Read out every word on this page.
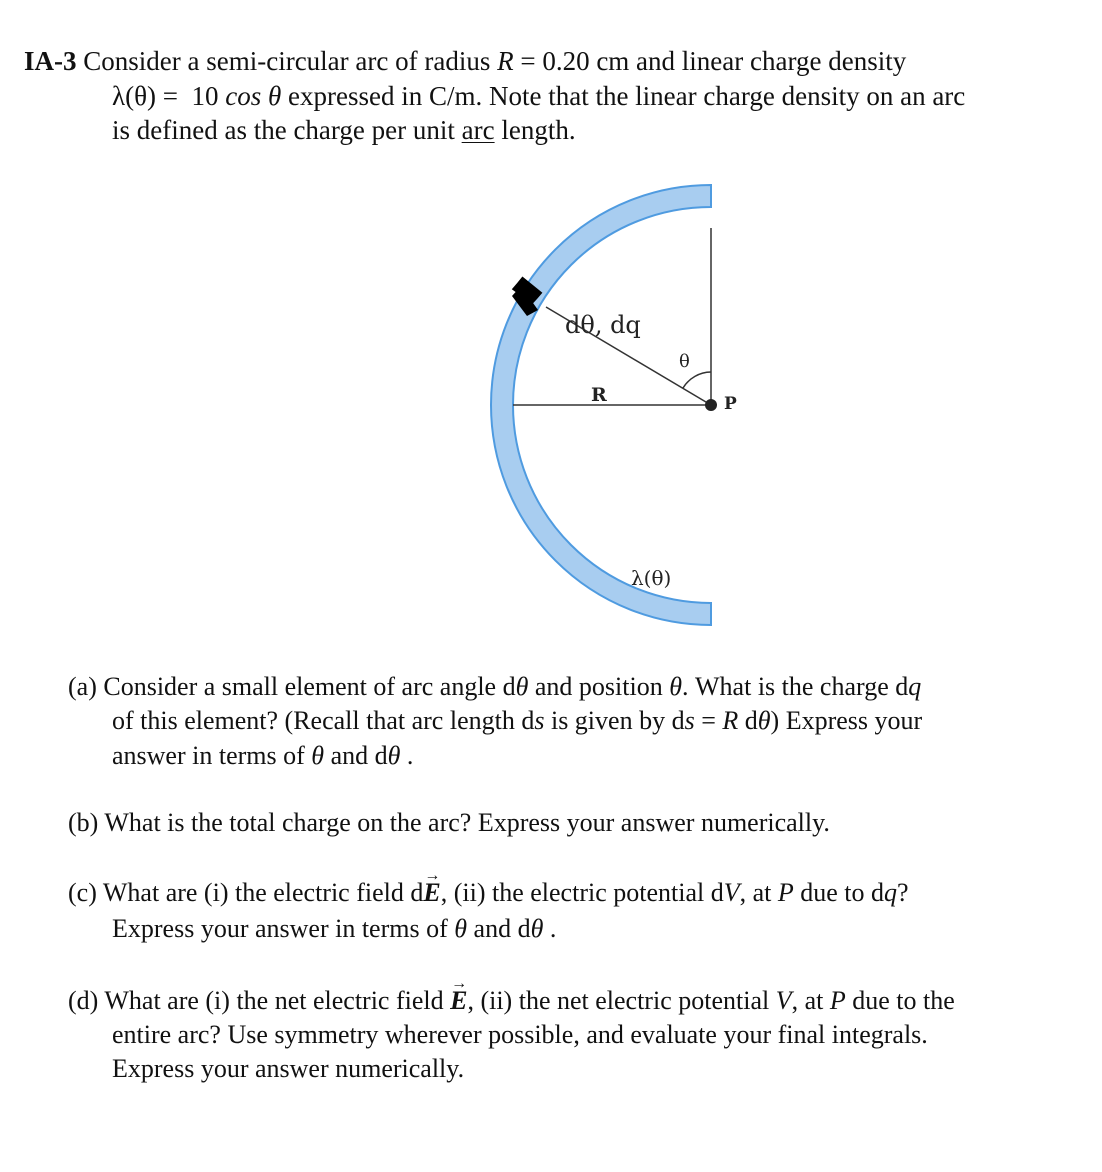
IA-3 Consider a semi-circular arc of radius R = 0.20 cm and linear charge density
λ(θ) = 10 cos θ expressed in C/m. Note that the linear charge density on an arc
is defined as the charge per unit arc length.
dθ, dq
θ
R	P
λ(θ)
(a) Consider a small element of arc angle dθ and position θ. What is the charge dq
of this element? (Recall that arc length ds is given by ds = R dθ) Express your
answer in terms of θ and dθ .
(b) What is the total charge on the arc? Express your answer numerically.
(c) What are (i) the electric field dE →, (ii) the electric potential dV, at P due to dq?
Express your answer in terms of θ and dθ .
(d) What are (i) the net electric field E →, (ii) the net electric potential V, at P due to the
entire arc? Use symmetry wherever possible, and evaluate your final integrals.
Express your answer numerically.
